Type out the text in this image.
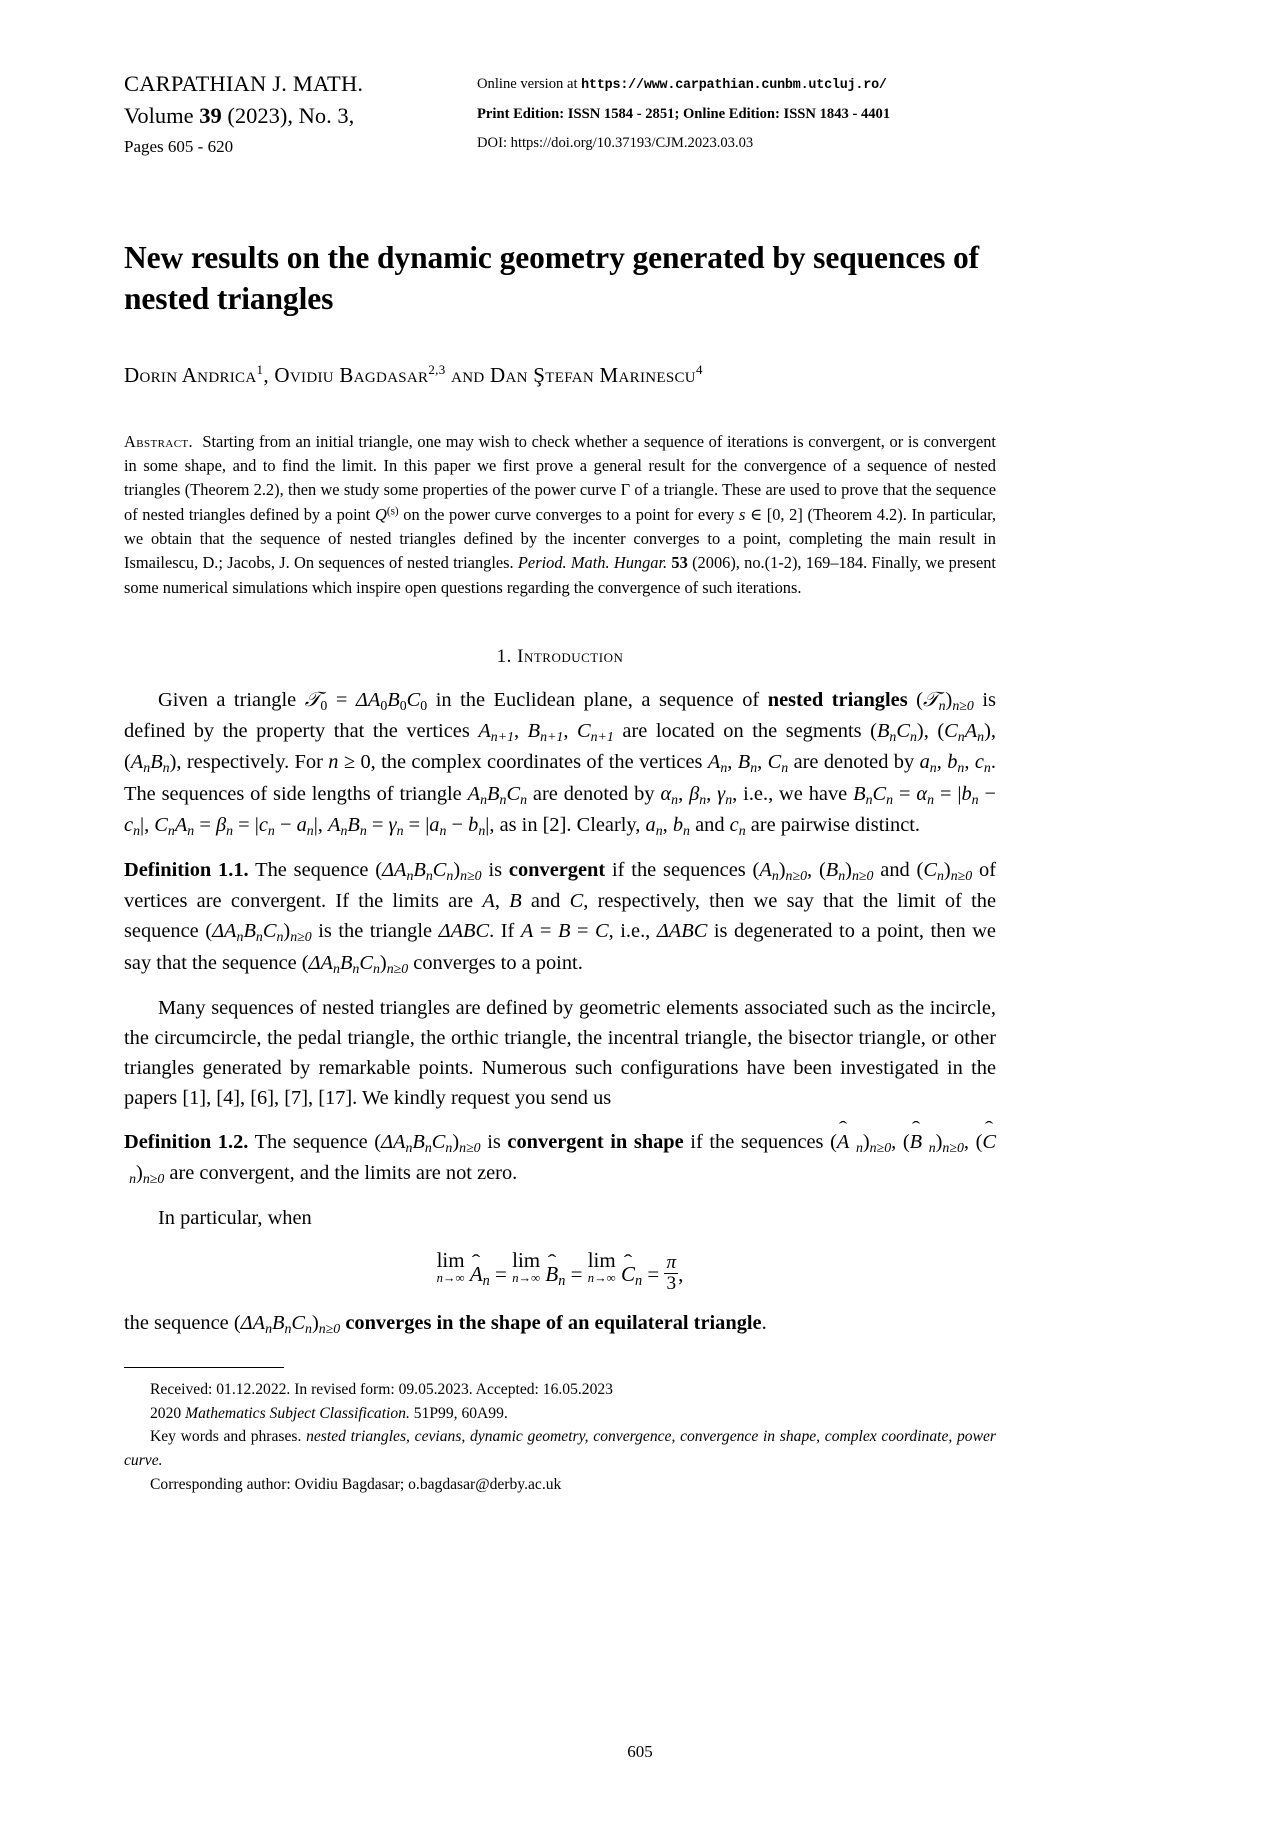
CARPATHIAN J. MATH.
Volume 39 (2023), No. 3,
Pages 605 - 620
Online version at https://www.carpathian.cunbm.utcluj.ro/
Print Edition: ISSN 1584 - 2851; Online Edition: ISSN 1843 - 4401
DOI: https://doi.org/10.37193/CJM.2023.03.03
New results on the dynamic geometry generated by sequences of nested triangles
Dorin Andrica$^1$, Ovidiu Bagdasar$^{2,3}$ and Dan Ştefan Marinescu$^4$
Abstract. Starting from an initial triangle, one may wish to check whether a sequence of iterations is convergent, or is convergent in some shape, and to find the limit. In this paper we first prove a general result for the convergence of a sequence of nested triangles (Theorem 2.2), then we study some properties of the power curve Γ of a triangle. These are used to prove that the sequence of nested triangles defined by a point $Q^{(s)}$ on the power curve converges to a point for every s ∈ [0, 2] (Theorem 4.2). In particular, we obtain that the sequence of nested triangles defined by the incenter converges to a point, completing the main result in Ismailescu, D.; Jacobs, J. On sequences of nested triangles. Period. Math. Hungar. 53 (2006), no.(1-2), 169–184. Finally, we present some numerical simulations which inspire open questions regarding the convergence of such iterations.
1. Introduction
Given a triangle 𝒯$_0$ = $\Delta A_0B_0C_0$ in the Euclidean plane, a sequence of nested triangles $(𝒯_n)_{n\ge 0}$ is defined by the property that the vertices $A_{n+1}$, $B_{n+1}$, $C_{n+1}$ are located on the segments $(B_nC_n)$, $(C_nA_n)$, $(A_nB_n)$, respectively. For n ≥ 0, the complex coordinates of the vertices $A_n$, $B_n$, $C_n$ are denoted by $a_n$, $b_n$, $c_n$. The sequences of side lengths of triangle $A_nB_nC_n$ are denoted by $\alpha_n$, $\beta_n$, $\gamma_n$, i.e., we have $B_nC_n = \alpha_n = |b_n - c_n|$, $C_nA_n = \beta_n = |c_n - a_n|$, $A_nB_n = \gamma_n = |a_n - b_n|$, as in [2]. Clearly, $a_n$, $b_n$ and $c_n$ are pairwise distinct.
Definition 1.1. The sequence $(\Delta A_nB_nC_n)_{n\ge 0}$ is convergent if the sequences $(A_n)_{n\ge 0}$, $(B_n)_{n\ge 0}$ and $(C_n)_{n\ge 0}$ of vertices are convergent. If the limits are A, B and C, respectively, then we say that the limit of the sequence $(\Delta A_nB_nC_n)_{n\ge 0}$ is the triangle ΔABC. If A = B = C, i.e., ΔABC is degenerated to a point, then we say that the sequence $(\Delta A_nB_nC_n)_{n\ge 0}$ converges to a point.
Many sequences of nested triangles are defined by geometric elements associated such as the incircle, the circumcircle, the pedal triangle, the orthic triangle, the incentral triangle, the bisector triangle, or other triangles generated by remarkable points. Numerous such configurations have been investigated in the papers [1], [4], [6], [7], [17]. We kindly request you send us
Definition 1.2. The sequence $(\Delta A_nB_nC_n)_{n\ge 0}$ is convergent in shape if the sequences (A $_n)_{n\ge 0}$, (B $_n)_{n\ge 0}$, (C
$_n)_{n\ge 0}$ are convergent, and the limits are not zero.
In particular, when
lim
n→∞ A
$_n$ =
lim
n→∞ B
$_n$ =
lim
n→∞ C
$_n = \frac{\pi}{3}$ ,
the sequence $(\Delta A_nB_nC_n)_{n\ge 0}$ converges in the shape of an equilateral triangle.
Received: 01.12.2022. In revised form: 09.05.2023. Accepted: 16.05.2023
2020 Mathematics Subject Classification. 51P99, 60A99.
Key words and phrases. nested triangles, cevians, dynamic geometry, convergence, convergence in shape, complex coordinate, power curve.
Corresponding author: Ovidiu Bagdasar; o.bagdasar@derby.ac.uk
605
